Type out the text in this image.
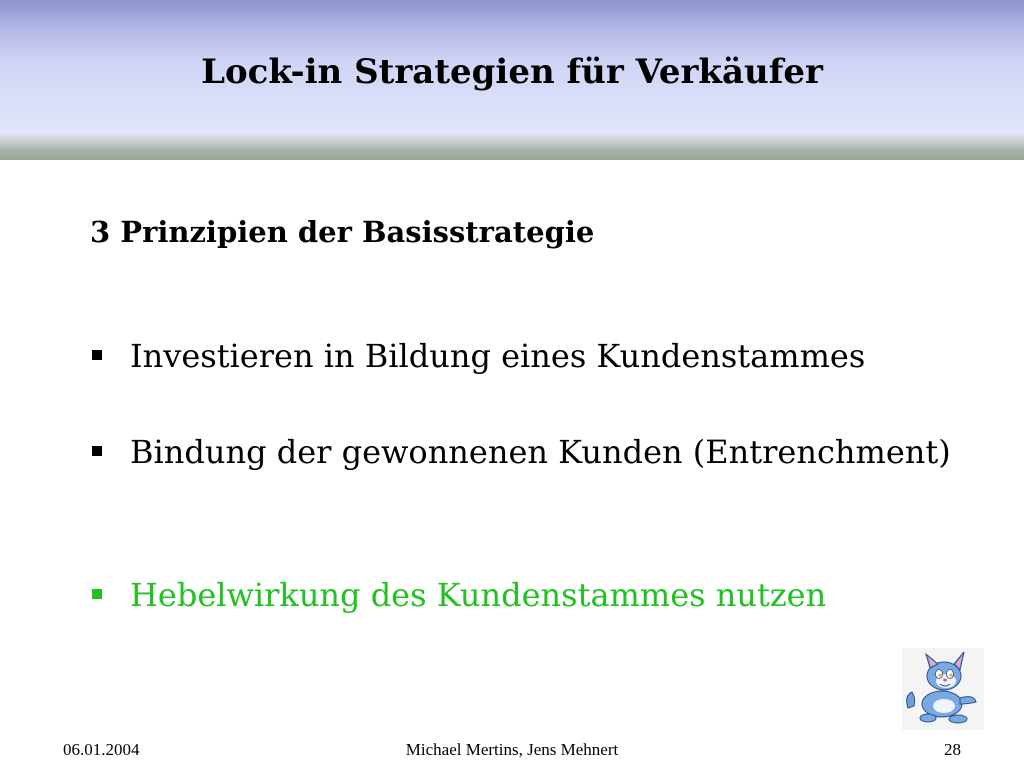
Lock-in Strategien für Verkäufer
3 Prinzipien der Basisstrategie
Investieren in Bildung eines Kundenstammes
Bindung der gewonnenen Kunden (Entrenchment)
Hebelwirkung des Kundenstammes nutzen
06.01.2004	Michael Mertins, Jens Mehnert	28
